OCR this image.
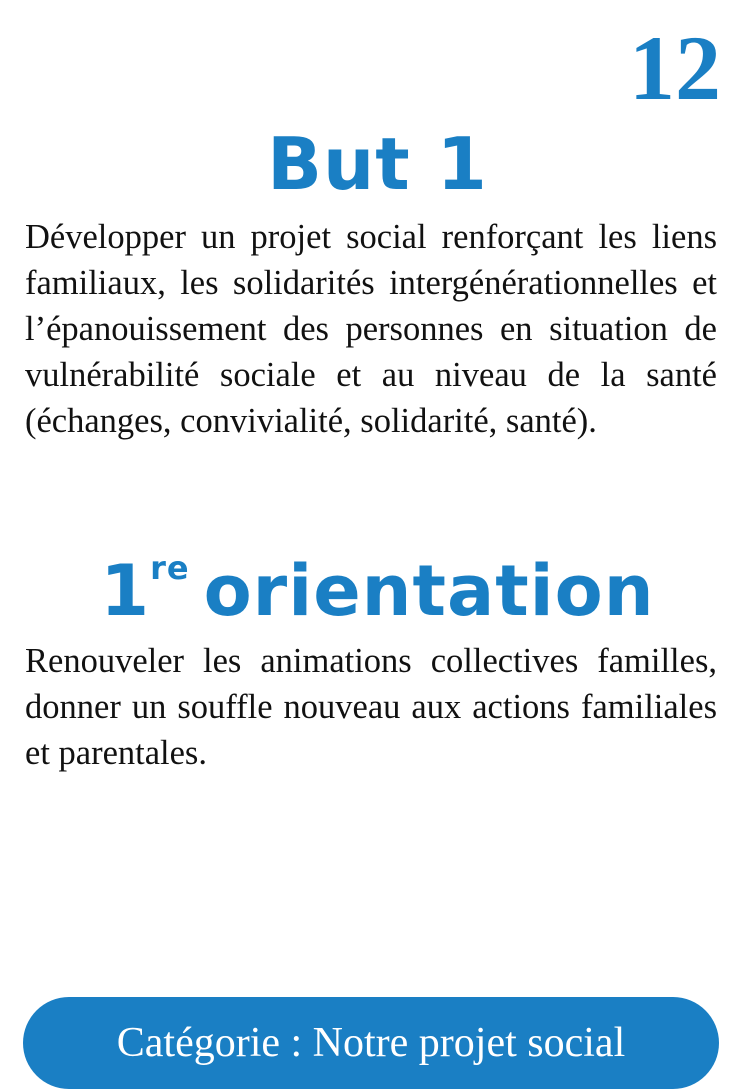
12
But 1

Développer un projet social renforçant les liens familiaux, les solidarités intergénérationnelles et l’épanouissement des personnes en situation de vulnérabilité sociale et au niveau de la santé (échanges, convivialité, solidarité, santé).

1re orientation

Renouveler les animations collectives familles, donner un souffle nouveau aux actions familiales et parentales.

Catégorie : Notre projet social
